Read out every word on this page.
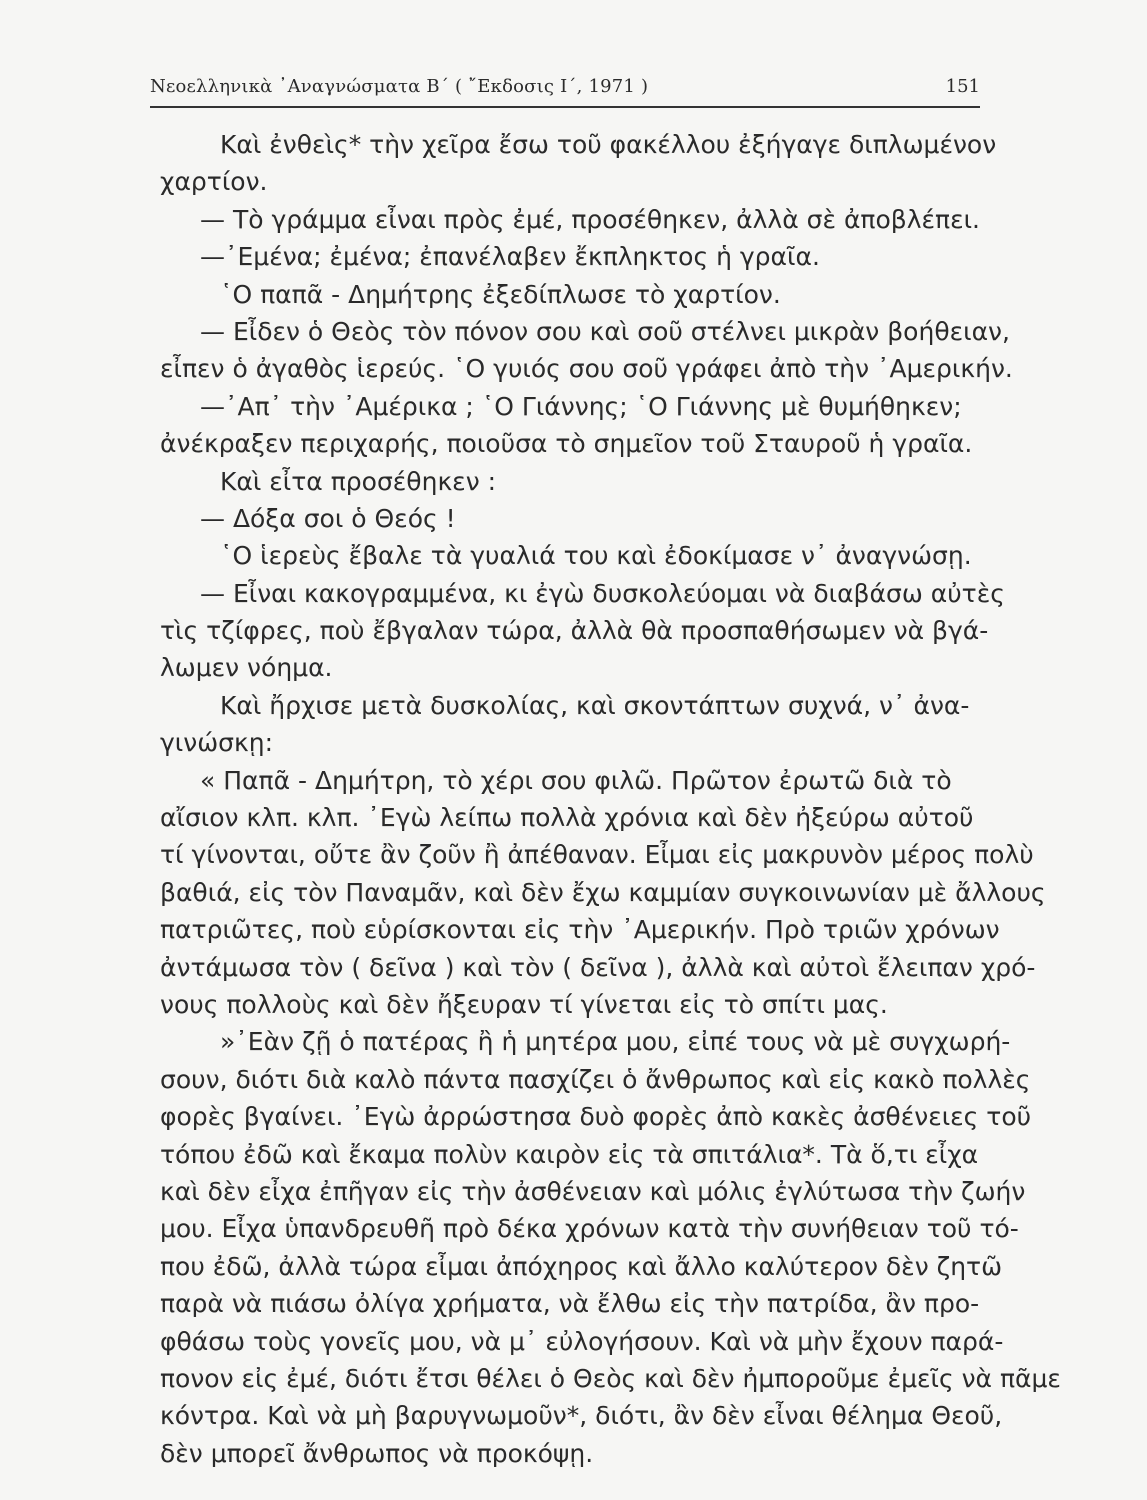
Νεοελληνικὰ ᾿Αναγνώσματα Β΄ ( ῎Εκδοσις Ι΄, 1971 )	151
Καὶ ἐνθεὶς* τὴν χεῖρα ἔσω τοῦ φακέλλου ἐξήγαγε διπλωμένον
χαρτίον.
— Τὸ γράμμα εἶναι πρὸς ἐμέ, προσέθηκεν, ἀλλὰ σὲ ἀποβλέπει.
—᾿Εμένα; ἐμένα; ἐπανέλαβεν ἔκπληκτος ἡ γραῖα.
῾Ο παπᾶ - Δημήτρης ἐξεδίπλωσε τὸ χαρτίον.
— Εἶδεν ὁ Θεὸς τὸν πόνον σου καὶ σοῦ στέλνει μικρὰν βοήθειαν,
εἶπεν ὁ ἀγαθὸς ἱερεύς. ῾Ο γυιός σου σοῦ γράφει ἀπὸ τὴν ᾿Αμερικήν.
—᾿Απ᾿ τὴν ᾿Αμέρικα ; ῾Ο Γιάννης; ῾Ο Γιάννης μὲ θυμήθηκεν;
ἀνέκραξεν περιχαρής, ποιοῦσα τὸ σημεῖον τοῦ Σταυροῦ ἡ γραῖα.
Καὶ εἶτα προσέθηκεν :
— Δόξα σοι ὁ Θεός !
῾Ο ἱερεὺς ἔβαλε τὰ γυαλιά του καὶ ἐδοκίμασε ν᾿ ἀναγνώσῃ.
— Εἶναι κακογραμμένα, κι ἐγὼ δυσκολεύομαι νὰ διαβάσω αὐτὲς
τὶς τζίφρες, ποὺ ἔβγαλαν τώρα, ἀλλὰ θὰ προσπαθήσωμεν νὰ βγά-
λωμεν νόημα.
Καὶ ἤρχισε μετὰ δυσκολίας, καὶ σκοντάπτων συχνά, ν᾿ ἀνα-
γινώσκῃ:
« Παπᾶ - Δημήτρη, τὸ χέρι σου φιλῶ. Πρῶτον ἐρωτῶ διὰ τὸ
αἴσιον κλπ. κλπ. ᾿Εγὼ λείπω πολλὰ χρόνια καὶ δὲν ἠξεύρω αὐτοῦ
τί γίνονται, οὔτε ἂν ζοῦν ἢ ἀπέθαναν. Εἶμαι εἰς μακρυνὸν μέρος πολὺ
βαθιά, εἰς τὸν Παναμᾶν, καὶ δὲν ἔχω καμμίαν συγκοινωνίαν μὲ ἄλλους
πατριῶτες, ποὺ εὑρίσκονται εἰς τὴν ᾿Αμερικήν. Πρὸ τριῶν χρόνων
ἀντάμωσα τὸν ( δεῖνα ) καὶ τὸν ( δεῖνα ), ἀλλὰ καὶ αὐτοὶ ἔλειπαν χρό-
νους πολλοὺς καὶ δὲν ἤξευραν τί γίνεται εἰς τὸ σπίτι μας.
»᾿Εὰν ζῇ ὁ πατέρας ἢ ἡ μητέρα μου, εἰπέ τους νὰ μὲ συγχωρή-
σουν, διότι διὰ καλὸ πάντα πασχίζει ὁ ἄνθρωπος καὶ εἰς κακὸ πολλὲς
φορὲς βγαίνει. ᾿Εγὼ ἀρρώστησα δυὸ φορὲς ἀπὸ κακὲς ἀσθένειες τοῦ
τόπου ἐδῶ καὶ ἔκαμα πολὺν καιρὸν εἰς τὰ σπιτάλια*. Τὰ ὅ,τι εἶχα
καὶ δὲν εἶχα ἐπῆγαν εἰς τὴν ἀσθένειαν καὶ μόλις ἐγλύτωσα τὴν ζωήν
μου. Εἶχα ὑπανδρευθῆ πρὸ δέκα χρόνων κατὰ τὴν συνήθειαν τοῦ τό-
που ἐδῶ, ἀλλὰ τώρα εἶμαι ἀπόχηρος καὶ ἄλλο καλύτερον δὲν ζητῶ
παρὰ νὰ πιάσω ὀλίγα χρήματα, νὰ ἔλθω εἰς τὴν πατρίδα, ἂν προ-
φθάσω τοὺς γονεῖς μου, νὰ μ᾿ εὐλογήσουν. Καὶ νὰ μὴν ἔχουν παρά-
πονον εἰς ἐμέ, διότι ἔτσι θέλει ὁ Θεὸς καὶ δὲν ἠμποροῦμε ἐμεῖς νὰ πᾶμε
κόντρα. Καὶ νὰ μὴ βαρυγνωμοῦν*, διότι, ἂν δὲν εἶναι θέλημα Θεοῦ,
δὲν μπορεῖ ἄνθρωπος νὰ προκόψῃ.
